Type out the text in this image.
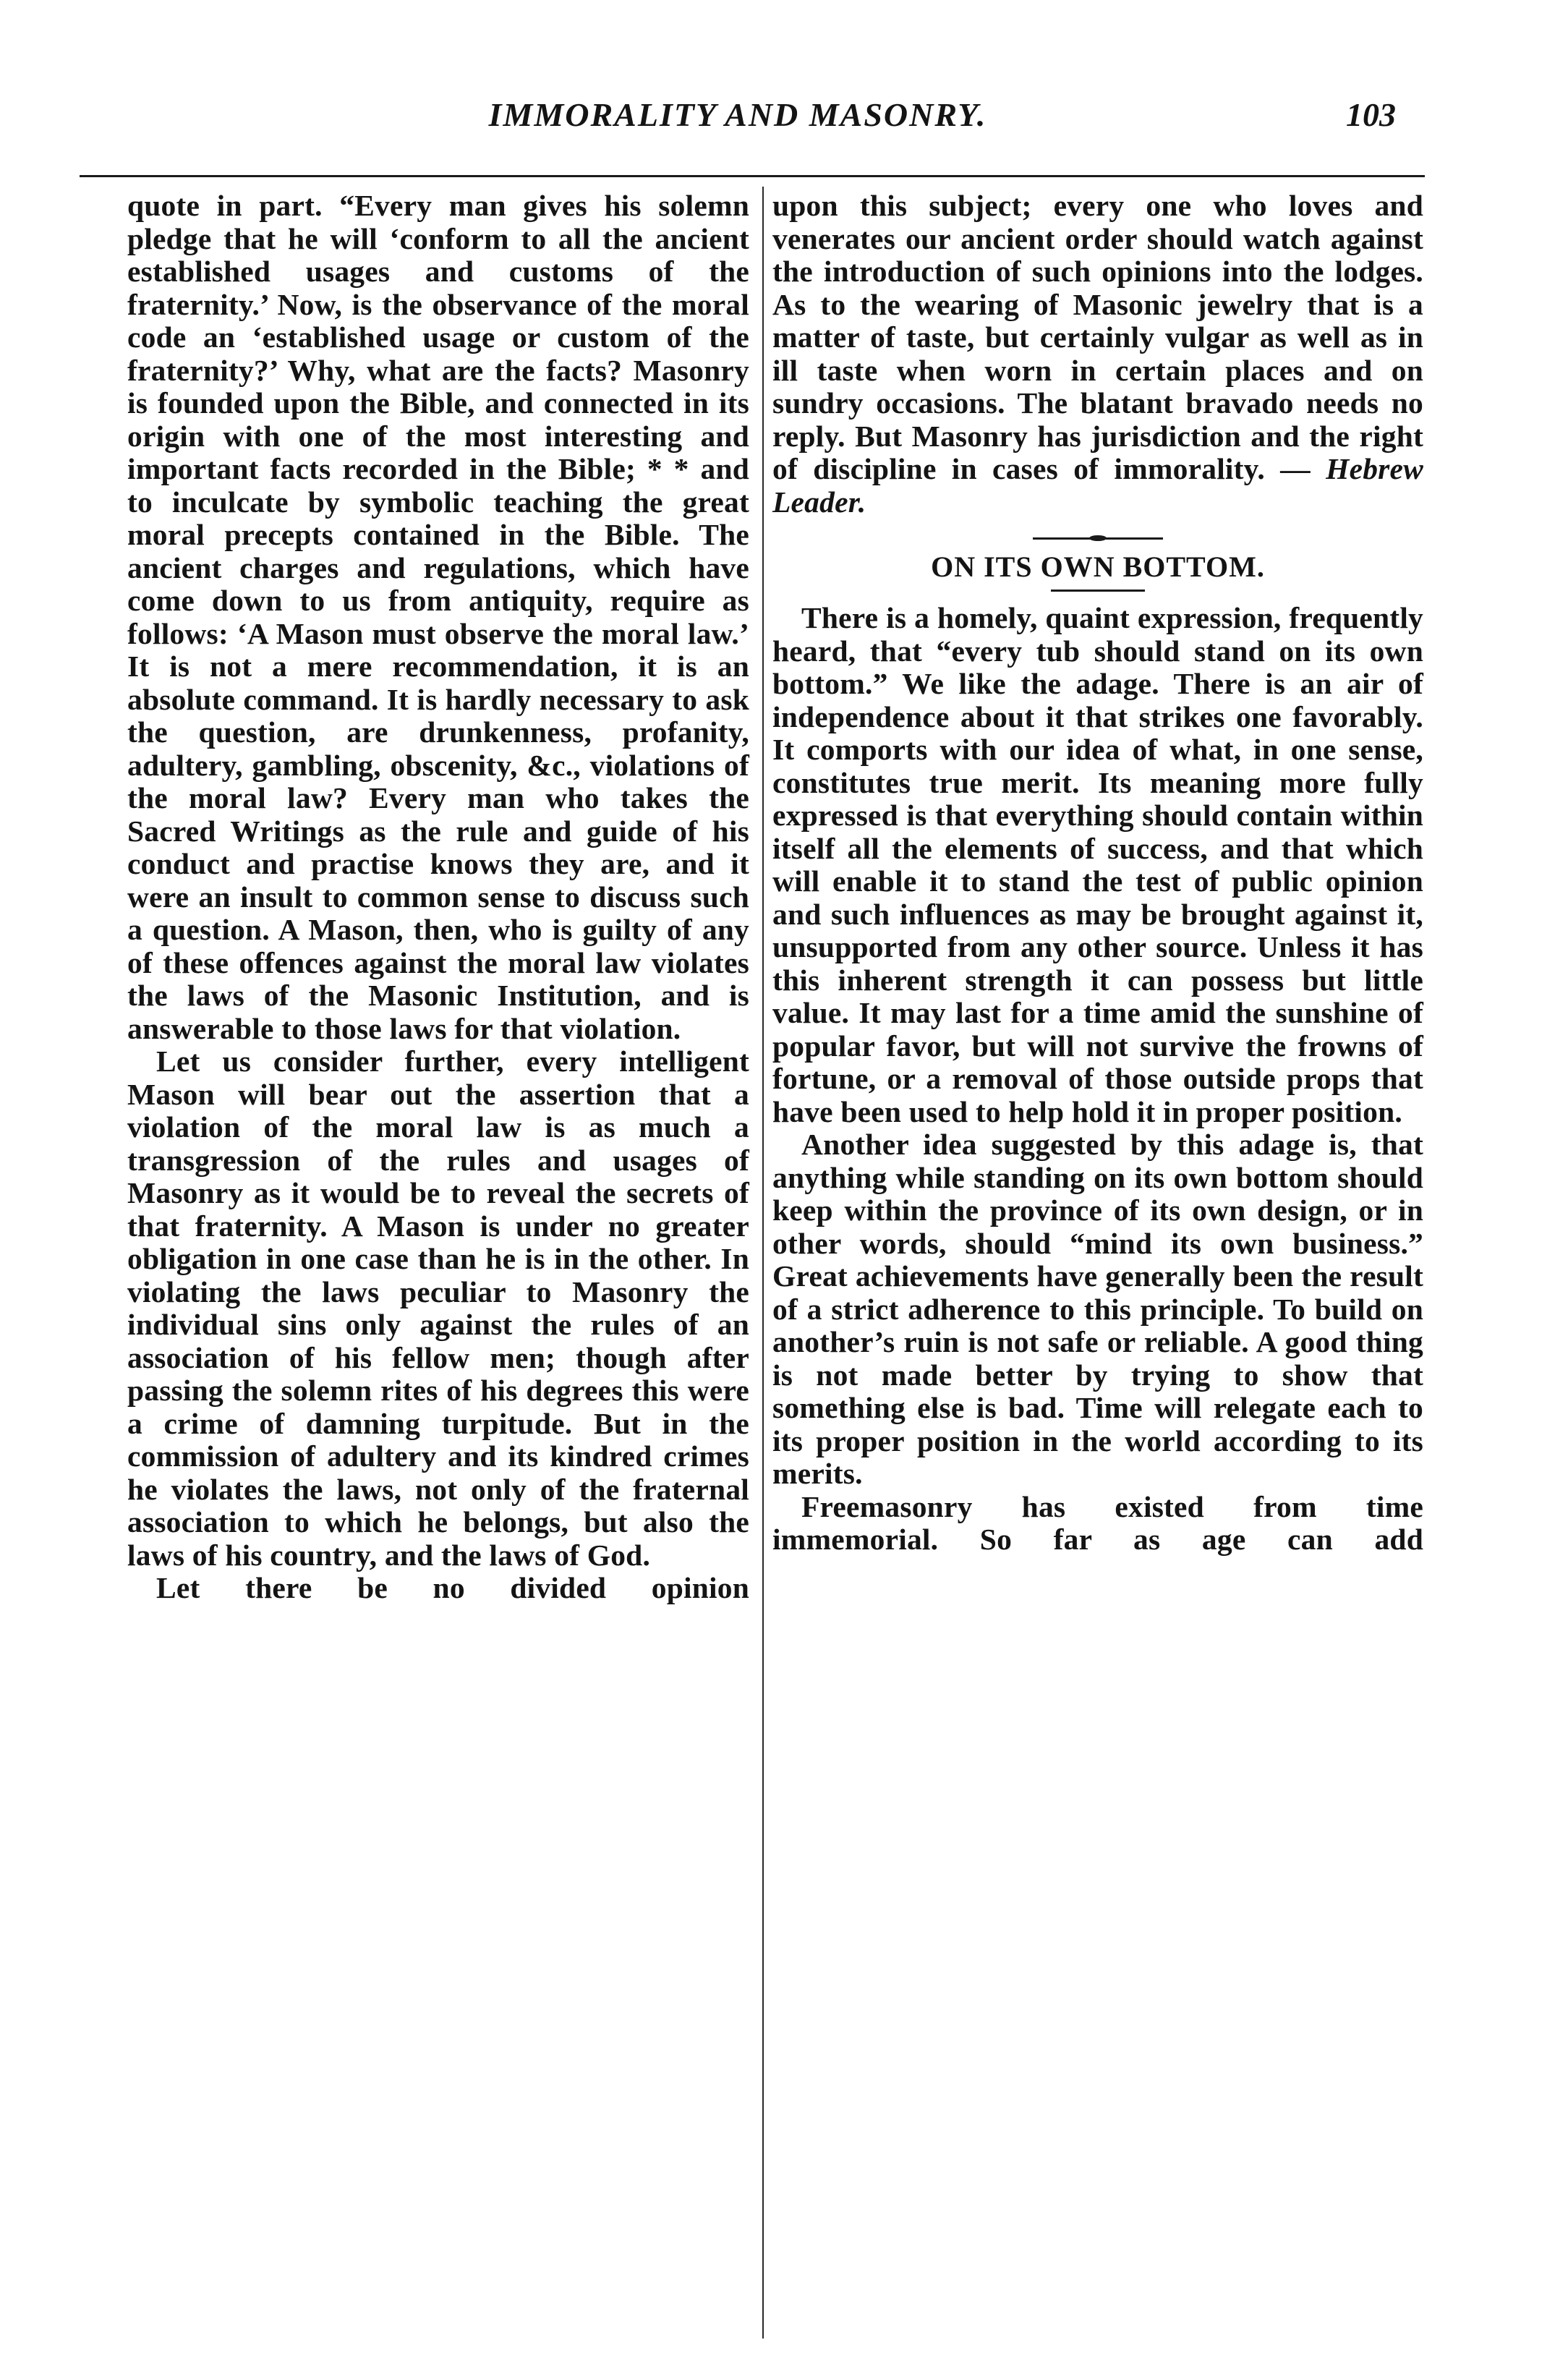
IMMORALITY AND MASONRY.	103

quote in part. “Every man gives his solemn pledge that he will ‘conform to all the ancient established usages and customs of the fraternity.’ Now, is the observance of the moral code an ‘established usage or custom of the fraternity?’ Why, what are the facts? Masonry is founded upon the Bible, and connected in its origin with one of the most interesting and important facts recorded in the Bible; * * and to inculcate by symbolic teaching the great moral precepts contained in the Bible. The ancient charges and regulations, which have come down to us from antiquity, require as follows: ‘A Mason must observe the moral law.’ It is not a mere recommendation, it is an absolute command. It is hardly necessary to ask the question, are drunkenness, profanity, adultery, gambling, obscenity, &c., violations of the moral law? Every man who takes the Sacred Writings as the rule and guide of his conduct and practise knows they are, and it were an insult to common sense to discuss such a question. A Mason, then, who is guilty of any of these offences against the moral law violates the laws of the Masonic Institution, and is answerable to those laws for that violation.

Let us consider further, every intelligent Mason will bear out the assertion that a violation of the moral law is as much a transgression of the rules and usages of Masonry as it would be to reveal the secrets of that fraternity. A Mason is under no greater obligation in one case than he is in the other. In violating the laws peculiar to Masonry the individual sins only against the rules of an association of his fellow men; though after passing the solemn rites of his degrees this were a crime of damning turpitude. But in the commission of adultery and its kindred crimes he violates the laws, not only of the fraternal association to which he belongs, but also the laws of his country, and the laws of God.

Let there be no divided opinion

upon this subject; every one who loves and venerates our ancient order should watch against the introduction of such opinions into the lodges. As to the wearing of Masonic jewelry that is a matter of taste, but certainly vulgar as well as in ill taste when worn in certain places and on sundry occasions. The blatant bravado needs no reply. But Masonry has jurisdiction and the right of discipline in cases of immorality. — Hebrew Leader.

ON ITS OWN BOTTOM.

There is a homely, quaint expression, frequently heard, that “every tub should stand on its own bottom.” We like the adage. There is an air of independence about it that strikes one favorably. It comports with our idea of what, in one sense, constitutes true merit. Its meaning more fully expressed is that everything should contain within itself all the elements of success, and that which will enable it to stand the test of public opinion and such influences as may be brought against it, unsupported from any other source. Unless it has this inherent strength it can possess but little value. It may last for a time amid the sunshine of popular favor, but will not survive the frowns of fortune, or a removal of those outside props that have been used to help hold it in proper position.

Another idea suggested by this adage is, that anything while standing on its own bottom should keep within the province of its own design, or in other words, should “mind its own business.” Great achievements have generally been the result of a strict adherence to this principle. To build on another’s ruin is not safe or reliable. A good thing is not made better by trying to show that something else is bad. Time will relegate each to its proper position in the world according to its merits.

Freemasonry has existed from time immemorial. So far as age can add
